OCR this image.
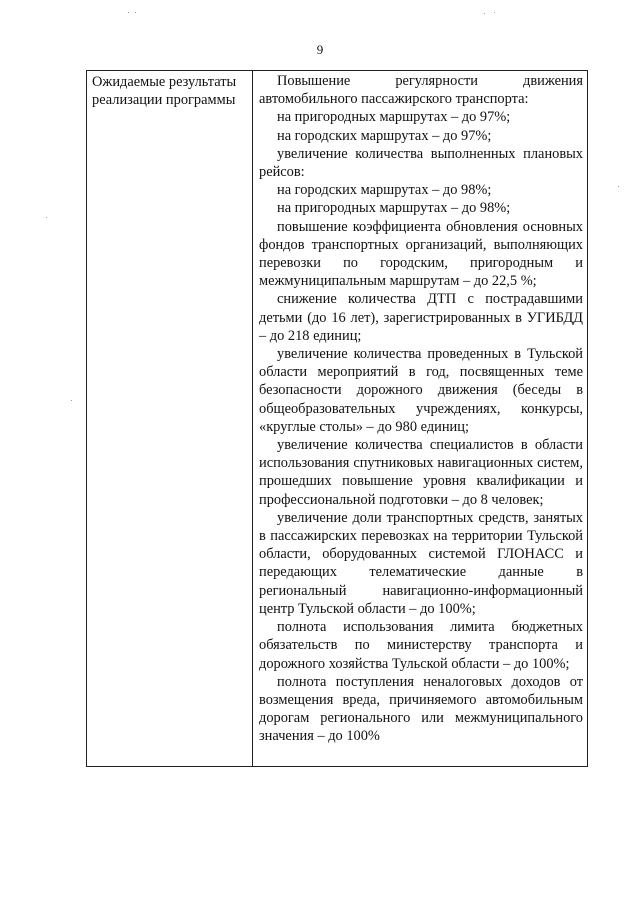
9
Ожидаемые результаты реализации программы

Повышение регулярности движения автомобильного пассажирского транспорта:

на пригородных маршрутах – до 97%;

на городских маршрутах – до 97%;

увеличение количества выполненных плановых рейсов:

на городских маршрутах – до 98%;

на пригородных маршрутах – до 98%;

повышение коэффициента обновления основных фондов транспортных организаций, выполняющих перевозки по городским, пригородным и межмуниципальным маршрутам – до 22,5 %;

снижение количества ДТП с пострадавшими детьми (до 16 лет), зарегистрированных в УГИБДД – до 218 единиц;

увеличение количества проведенных в Тульской области мероприятий в год, посвященных теме безопасности дорожного движения (беседы в общеобразовательных учреждениях, конкурсы, «круглые столы» – до 980 единиц;

увеличение количества специалистов в области использования спутниковых навигационных систем, прошедших повышение уровня квалификации и профессиональной подготовки – до 8 человек;

увеличение доли транспортных средств, занятых в пассажирских перевозках на территории Тульской области, оборудованных системой ГЛОНАСС и передающих телематические данные в региональный навигационно-информационный центр Тульской области – до 100%;

полнота использования лимита бюджетных обязательств по министерству транспорта и дорожного хозяйства Тульской области – до 100%;

полнота поступления неналоговых доходов от возмещения вреда, причиняемого автомобильным дорогам регионального или межмуниципального значения – до 100%
